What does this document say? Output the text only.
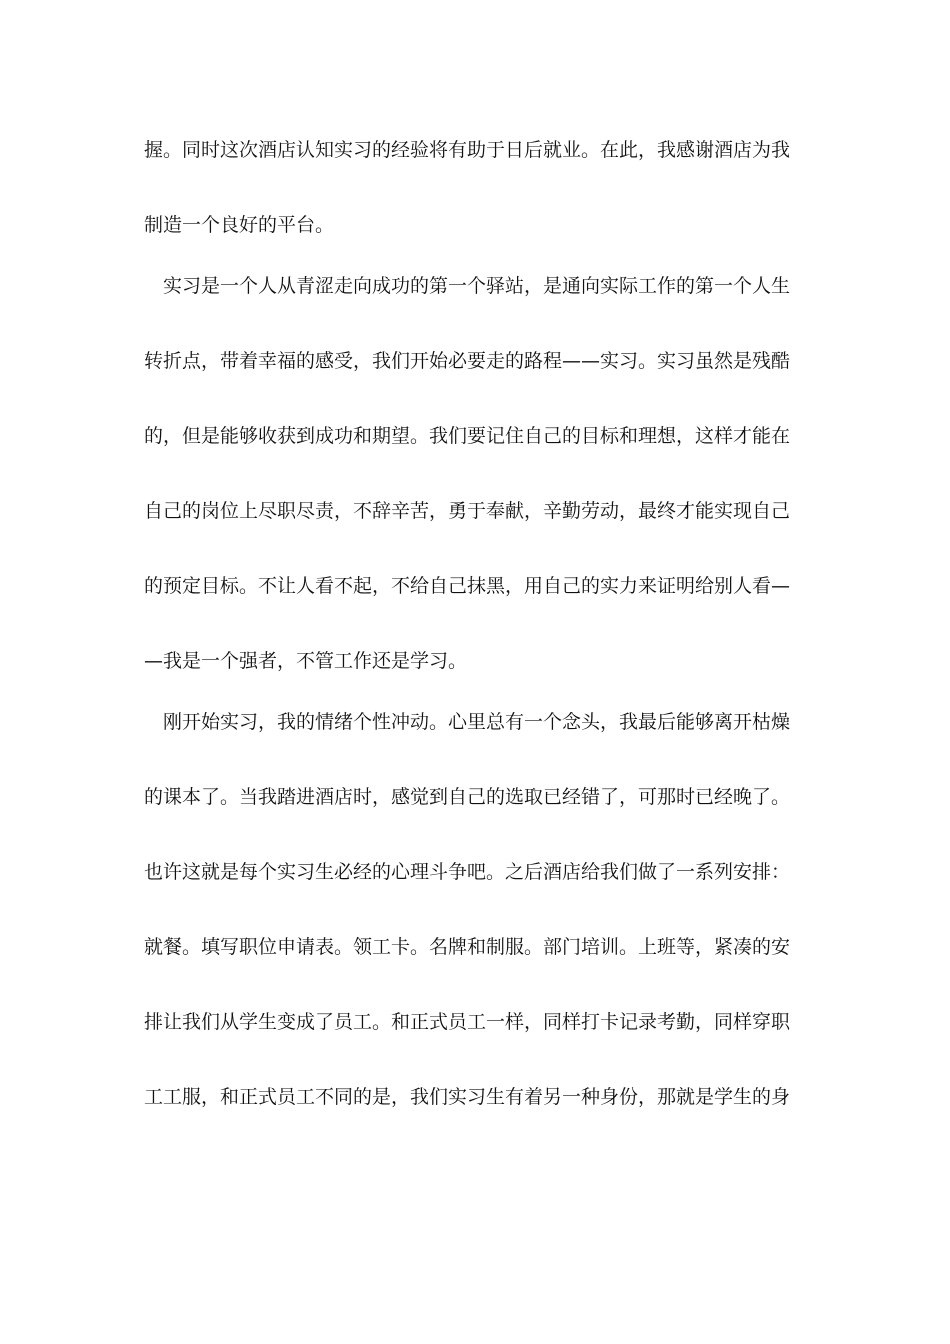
握。同时这次酒店认知实习的经验将有助于日后就业。在此，我感谢酒店为我
制造一个良好的平台。
　实习是一个人从青涩走向成功的第一个驿站，是通向实际工作的第一个人生
转折点，带着幸福的感受，我们开始必要走的路程——实习。实习虽然是残酷
的，但是能够收获到成功和期望。我们要记住自己的目标和理想，这样才能在
自己的岗位上尽职尽责，不辞辛苦，勇于奉献，辛勤劳动，最终才能实现自己
的预定目标。不让人看不起，不给自己抹黑，用自己的实力来证明给别人看—
—我是一个强者，不管工作还是学习。
　刚开始实习，我的情绪个性冲动。心里总有一个念头，我最后能够离开枯燥
的课本了。当我踏进酒店时，感觉到自己的选取已经错了，可那时已经晚了。
也许这就是每个实习生必经的心理斗争吧。之后酒店给我们做了一系列安排：
就餐。填写职位申请表。领工卡。名牌和制服。部门培训。上班等，紧凑的安
排让我们从学生变成了员工。和正式员工一样，同样打卡记录考勤，同样穿职
工工服，和正式员工不同的是，我们实习生有着另一种身份，那就是学生的身
